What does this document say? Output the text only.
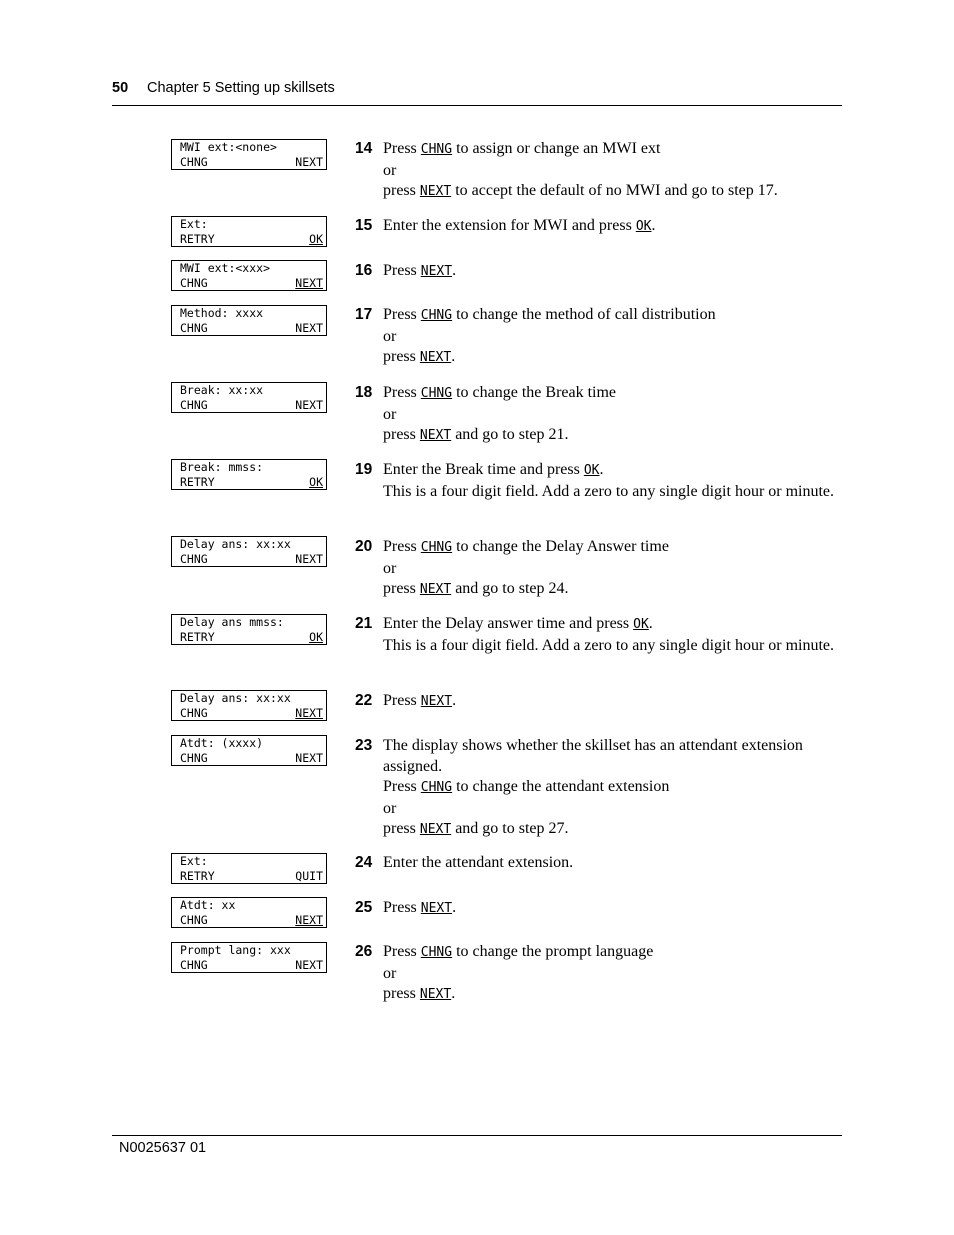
50 Chapter 5 Setting up skillsets
MWI ext:<none>
CHNG	NEXT
Ext:
RETRY	OK
MWI ext:<xxx>
CHNG	NEXT
Method: xxxx
CHNG	NEXT
Break: xx:xx
CHNG	NEXT
Break: mmss:
RETRY	OK
Delay ans: xx:xx
CHNG	NEXT
Delay ans mmss:
RETRY	OK
Delay ans: xx:xx
CHNG	NEXT
Atdt: (xxxx)
CHNG	NEXT
Ext:
RETRY	QUIT
Atdt: xx
CHNG	NEXT
Prompt lang: xxx
CHNG	NEXT
14 Press CHNG to assign or change an MWI ext
or
press NEXT to accept the default of no MWI and go to step 17.
15 Enter the extension for MWI and press OK.
16 Press NEXT.
17 Press CHNG to change the method of call distribution
or
press NEXT.
18 Press CHNG to change the Break time
or
press NEXT and go to step 21.
19 Enter the Break time and press OK.
This is a four digit field. Add a zero to any single digit hour or minute.
20 Press CHNG to change the Delay Answer time
or
press NEXT and go to step 24.
21 Enter the Delay answer time and press OK.
This is a four digit field. Add a zero to any single digit hour or minute.
22 Press NEXT.
23 The display shows whether the skillset has an attendant extension assigned.
Press CHNG to change the attendant extension
or
press NEXT and go to step 27.
24 Enter the attendant extension.
25 Press NEXT.
26 Press CHNG to change the prompt language
or
press NEXT.
N0025637 01
